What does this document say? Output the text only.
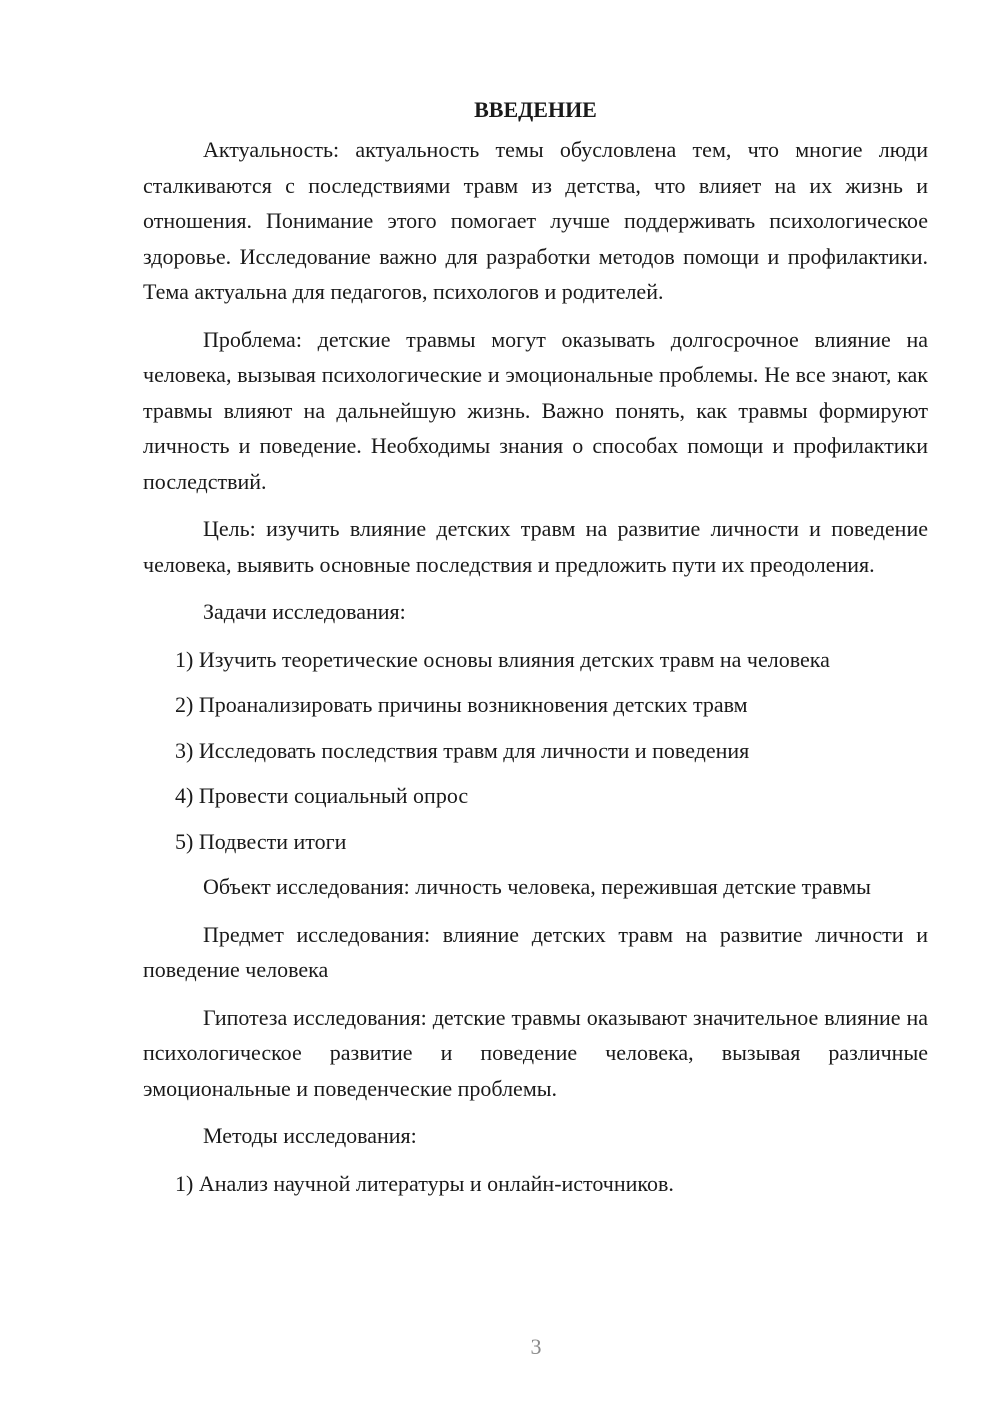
ВВЕДЕНИЕ

Актуальность: актуальность темы обусловлена тем, что многие люди сталкиваются с последствиями травм из детства, что влияет на их жизнь и отношения. Понимание этого помогает лучше поддерживать психологическое здоровье. Исследование важно для разработки методов помощи и профилактики. Тема актуальна для педагогов, психологов и родителей.

Проблема: детские травмы могут оказывать долгосрочное влияние на человека, вызывая психологические и эмоциональные проблемы. Не все знают, как травмы влияют на дальнейшую жизнь. Важно понять, как травмы формируют личность и поведение. Необходимы знания о способах помощи и профилактики последствий.

Цель: изучить влияние детских травм на развитие личности и поведение человека, выявить основные последствия и предложить пути их преодоления.

Задачи исследования:

1) Изучить теоретические основы влияния детских травм на человека

2) Проанализировать причины возникновения детских травм

3) Исследовать последствия травм для личности и поведения

4) Провести социальный опрос

5) Подвести итоги

Объект исследования: личность человека, пережившая детские травмы

Предмет исследования: влияние детских травм на развитие личности и поведение человека

Гипотеза исследования: детские травмы оказывают значительное влияние на психологическое развитие и поведение человека, вызывая различные эмоциональные и поведенческие проблемы.

Методы исследования:

1) Анализ научной литературы и онлайн-источников.

3
